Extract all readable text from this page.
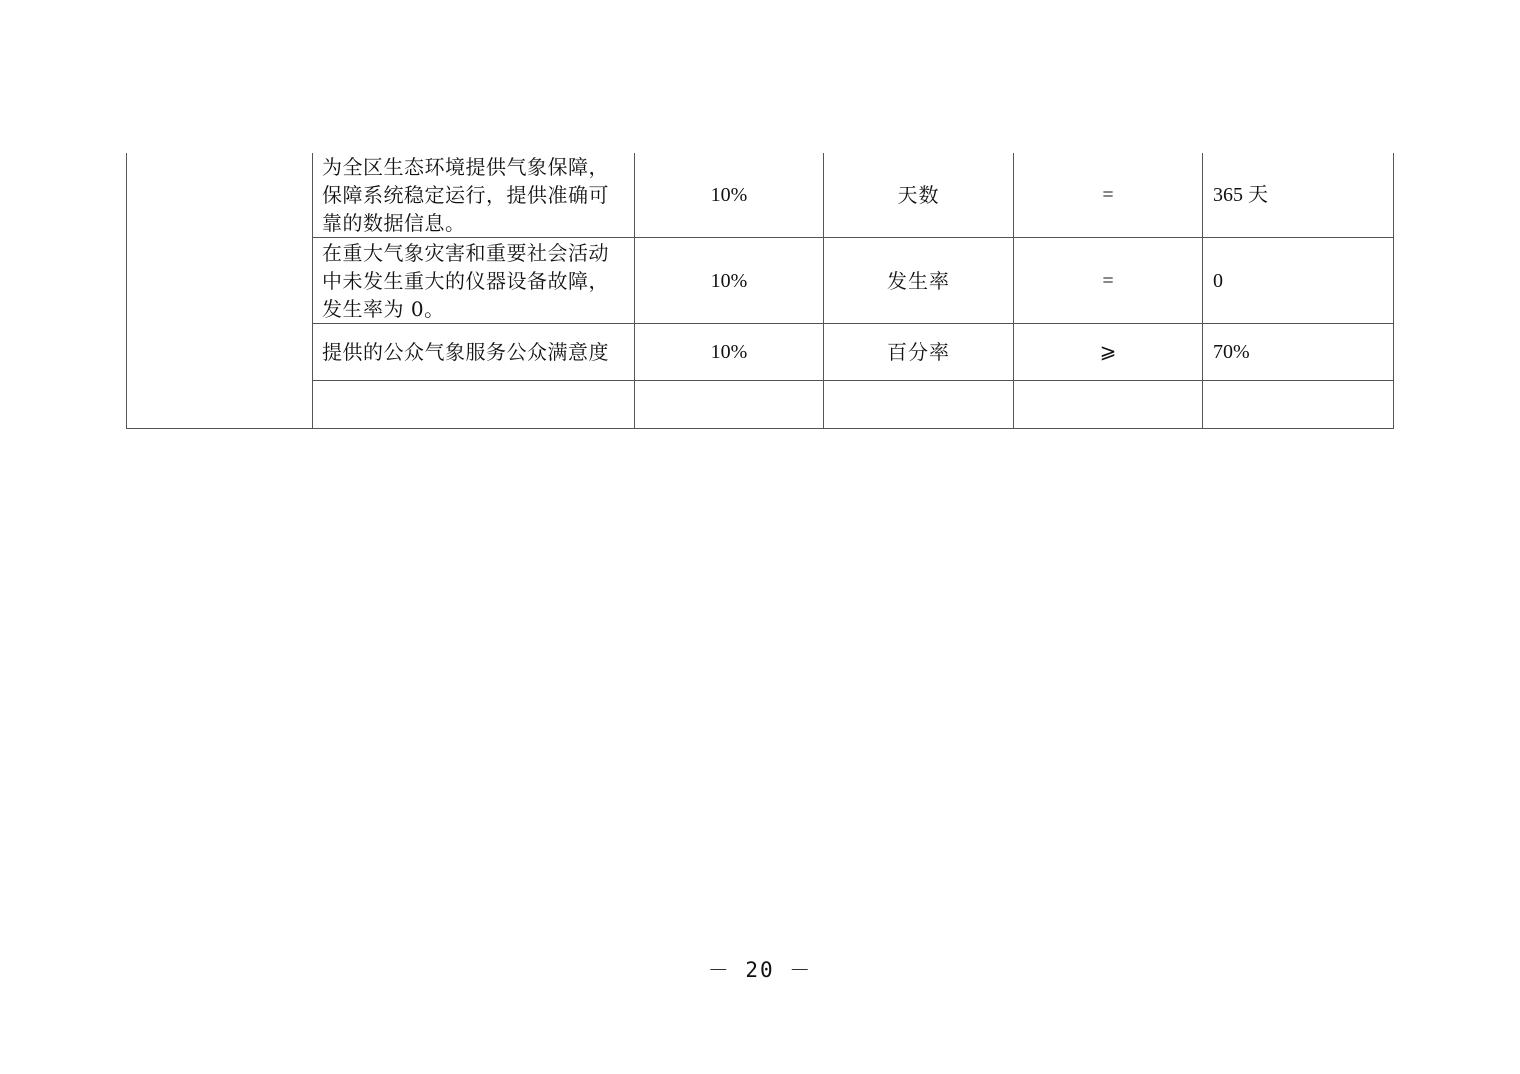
	为全区生态环境提供气象保障，保障系统稳定运行，提供准确可靠的数据信息。	10%	天数	=	365 天
	在重大气象灾害和重要社会活动中未发生重大的仪器设备故障，发生率为 0。	10%	发生率	=	0
	提供的公众气象服务公众满意度	10%	百分率	⩾	70%

－ 20 －
